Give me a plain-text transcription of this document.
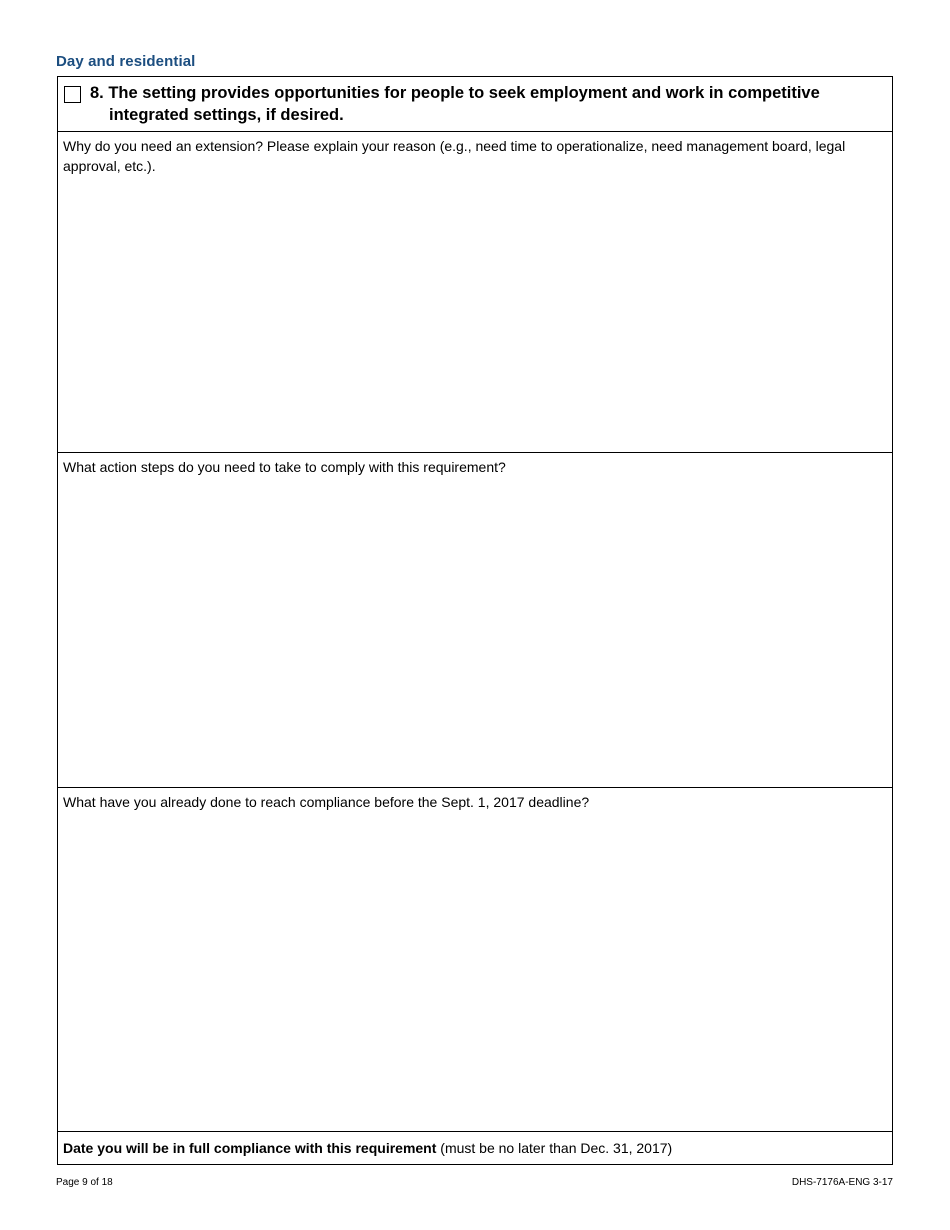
Day and residential
8. The setting provides opportunities for people to seek employment and work in competitive integrated settings, if desired.
Why do you need an extension? Please explain your reason (e.g., need time to operationalize, need management board, legal approval, etc.).
What action steps do you need to take to comply with this requirement?
What have you already done to reach compliance before the Sept. 1, 2017 deadline?
Date you will be in full compliance with this requirement (must be no later than Dec. 31, 2017)
Page 9 of 18	DHS-7176A-ENG 3-17
